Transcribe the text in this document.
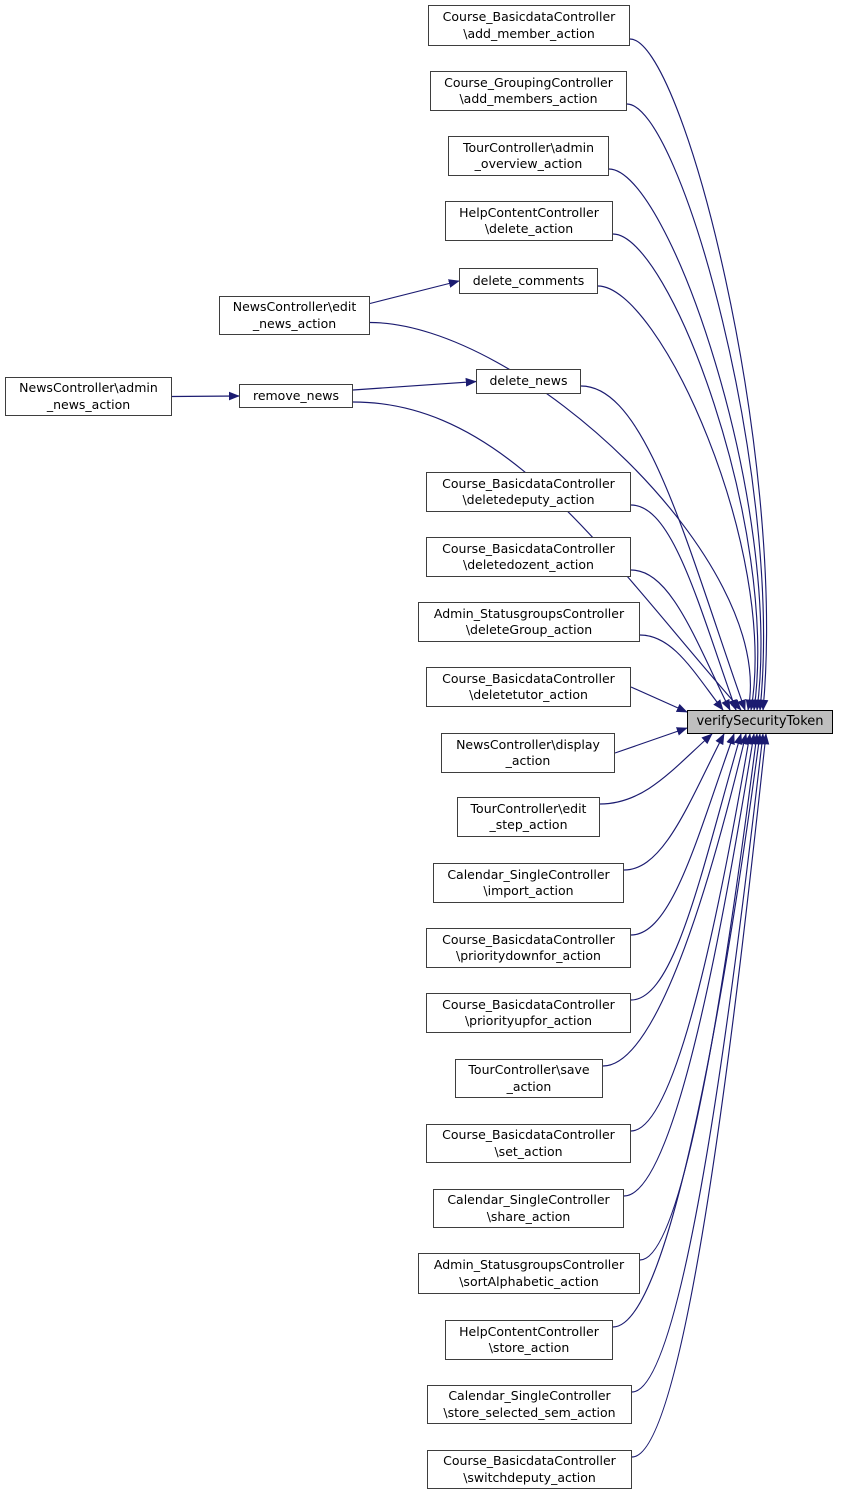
Course_BasicdataController
\add_member_action
Course_GroupingController
\add_members_action
TourController\admin
_overview_action
HelpContentController
\delete_action
delete_comments
NewsController\edit
_news_action
delete_news
NewsController\admin
_news_action
remove_news
Course_BasicdataController
\deletedeputy_action
Course_BasicdataController
\deletedozent_action
Admin_StatusgroupsController
\deleteGroup_action
Course_BasicdataController
\deletetutor_action
NewsController\display
_action
TourController\edit
_step_action
Calendar_SingleController
\import_action
Course_BasicdataController
\prioritydownfor_action
Course_BasicdataController
\priorityupfor_action
TourController\save
_action
Course_BasicdataController
\set_action
Calendar_SingleController
\share_action
Admin_StatusgroupsController
\sortAlphabetic_action
HelpContentController
\store_action
Calendar_SingleController
\store_selected_sem_action
Course_BasicdataController
\switchdeputy_action
verifySecurityToken
